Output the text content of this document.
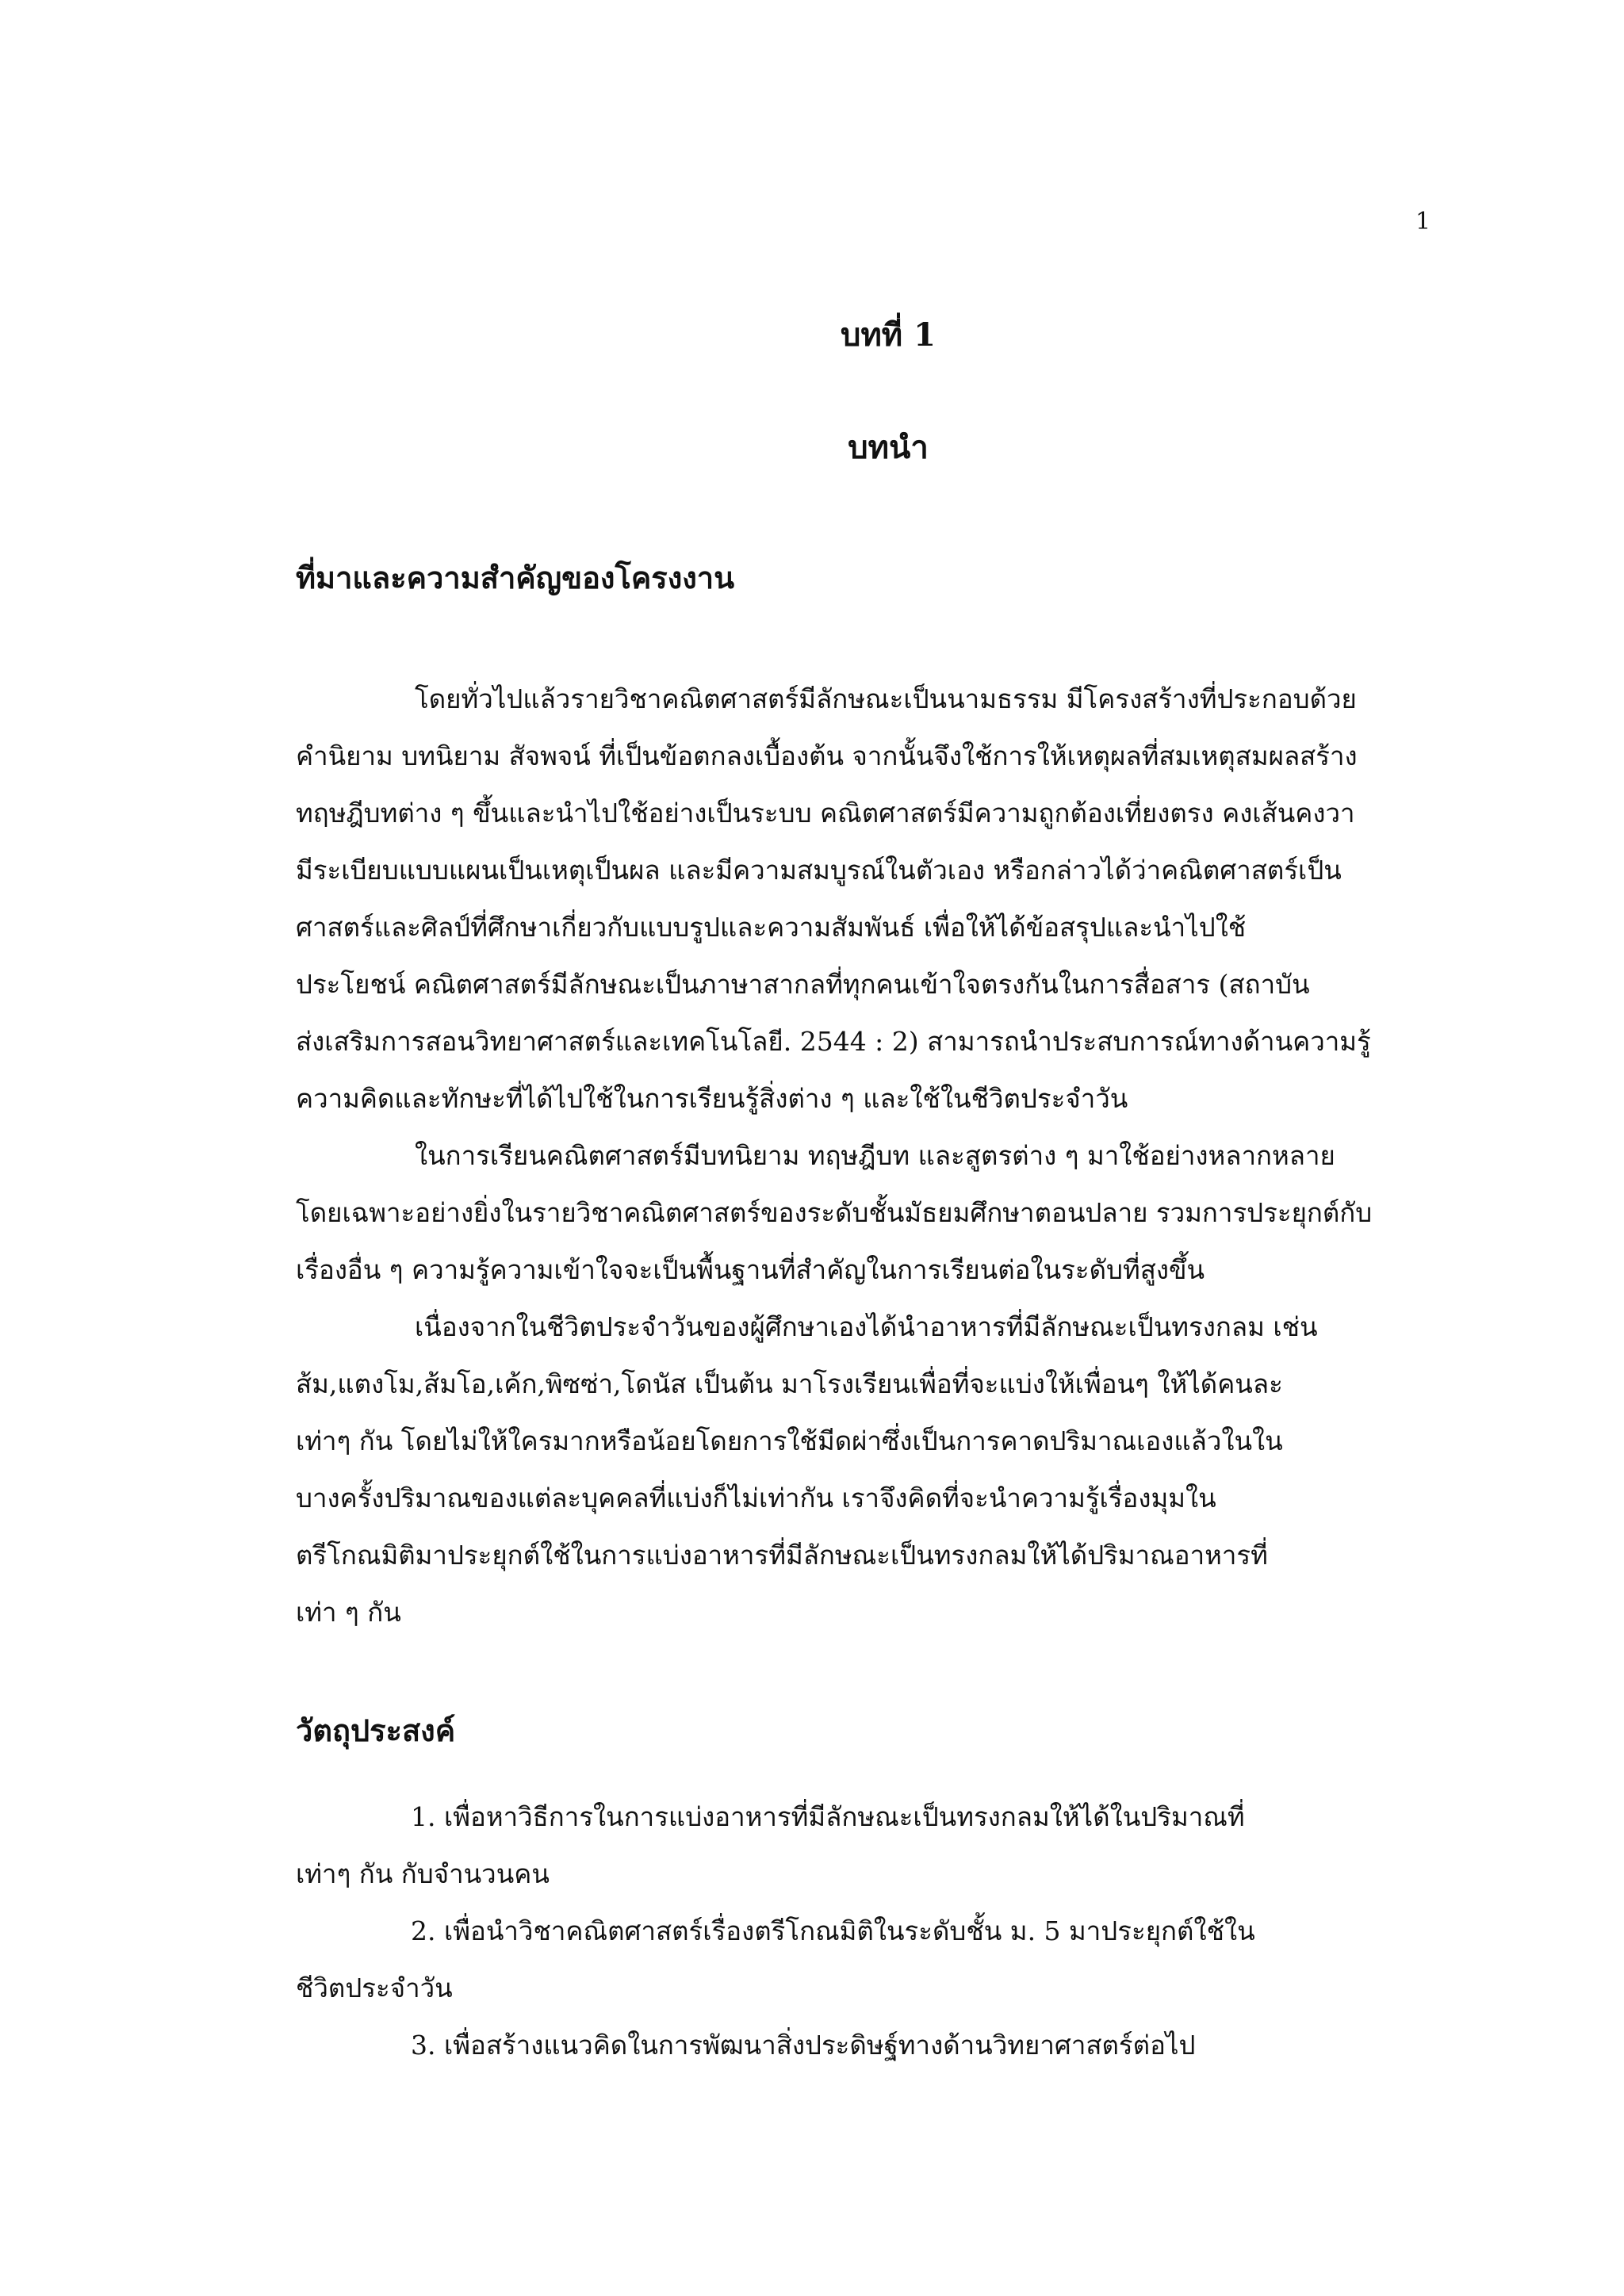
1
บทที่ 1
บทนำ
ที่มาและความสำคัญของโครงงาน
โดยทั่วไปแล้วรายวิชาคณิตศาสตร์มีลักษณะเป็นนามธรรม มีโครงสร้างที่ประกอบด้วย
คำนิยาม บทนิยาม สัจพจน์ ที่เป็นข้อตกลงเบื้องต้น จากนั้นจึงใช้การให้เหตุผลที่สมเหตุสมผลสร้าง
ทฤษฎีบทต่าง ๆ ขึ้นและนำไปใช้อย่างเป็นระบบ คณิตศาสตร์มีความถูกต้องเที่ยงตรง คงเส้นคงวา
มีระเบียบแบบแผนเป็นเหตุเป็นผล และมีความสมบูรณ์ในตัวเอง หรือกล่าวได้ว่าคณิตศาสตร์เป็น
ศาสตร์และศิลป์ที่ศึกษาเกี่ยวกับแบบรูปและความสัมพันธ์ เพื่อให้ได้ข้อสรุปและนำไปใช้
ประโยชน์ คณิตศาสตร์มีลักษณะเป็นภาษาสากลที่ทุกคนเข้าใจตรงกันในการสื่อสาร (สถาบัน
ส่งเสริมการสอนวิทยาศาสตร์และเทคโนโลยี. 2544 : 2) สามารถนำประสบการณ์ทางด้านความรู้
ความคิดและทักษะที่ได้ไปใช้ในการเรียนรู้สิ่งต่าง ๆ และใช้ในชีวิตประจำวัน
ในการเรียนคณิตศาสตร์มีบทนิยาม ทฤษฎีบท และสูตรต่าง ๆ มาใช้อย่างหลากหลาย
โดยเฉพาะอย่างยิ่งในรายวิชาคณิตศาสตร์ของระดับชั้นมัธยมศึกษาตอนปลาย รวมการประยุกต์กับ
เรื่องอื่น ๆ ความรู้ความเข้าใจจะเป็นพื้นฐานที่สำคัญในการเรียนต่อในระดับที่สูงขึ้น
เนื่องจากในชีวิตประจำวันของผู้ศึกษาเองได้นำอาหารที่มีลักษณะเป็นทรงกลม เช่น
ส้ม,แตงโม,ส้มโอ,เค้ก,พิซซ่า,โดนัส เป็นต้น มาโรงเรียนเพื่อที่จะแบ่งให้เพื่อนๆ ให้ได้คนละ
เท่าๆ กัน โดยไม่ให้ใครมากหรือน้อยโดยการใช้มีดผ่าซึ่งเป็นการคาดปริมาณเองแล้วในใน
บางครั้งปริมาณของแต่ละบุคคลที่แบ่งก็ไม่เท่ากัน เราจึงคิดที่จะนำความรู้เรื่องมุมใน
ตรีโกณมิติมาประยุกต์ใช้ในการแบ่งอาหารที่มีลักษณะเป็นทรงกลมให้ได้ปริมาณอาหารที่
เท่า ๆ กัน
วัตถุประสงค์
1. เพื่อหาวิธีการในการแบ่งอาหารที่มีลักษณะเป็นทรงกลมให้ได้ในปริมาณที่
เท่าๆ กัน กับจำนวนคน
2. เพื่อนำวิชาคณิตศาสตร์เรื่องตรีโกณมิติในระดับชั้น ม. 5 มาประยุกต์ใช้ใน
ชีวิตประจำวัน
3. เพื่อสร้างแนวคิดในการพัฒนาสิ่งประดิษฐ์ทางด้านวิทยาศาสตร์ต่อไป
